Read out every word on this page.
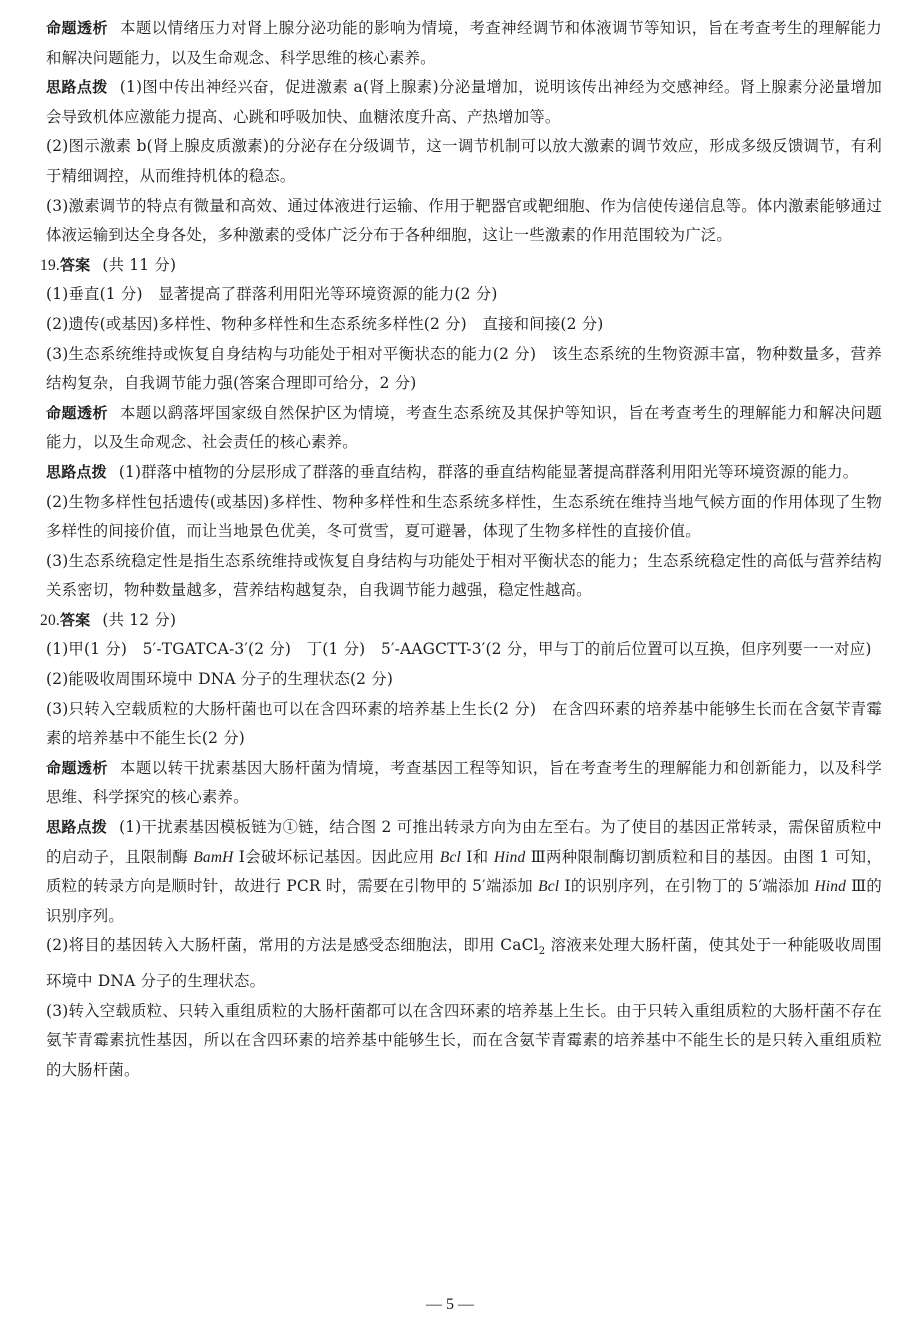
命题透析 本题以情绪压力对肾上腺分泌功能的影响为情境，考查神经调节和体液调节等知识，旨在考查考生的理解能力和解决问题能力，以及生命观念、科学思维的核心素养。

思路点拨 (1)图中传出神经兴奋，促进激素 a(肾上腺素)分泌量增加，说明该传出神经为交感神经。肾上腺素分泌量增加会导致机体应激能力提高、心跳和呼吸加快、血糖浓度升高、产热增加等。

(2)图示激素 b(肾上腺皮质激素)的分泌存在分级调节，这一调节机制可以放大激素的调节效应，形成多级反馈调节，有利于精细调控，从而维持机体的稳态。

(3)激素调节的特点有微量和高效、通过体液进行运输、作用于靶器官或靶细胞、作为信使传递信息等。体内激素能够通过体液运输到达全身各处，多种激素的受体广泛分布于各种细胞，这让一些激素的作用范围较为广泛。

19.答案 (共 11 分)

(1)垂直(1 分)　显著提高了群落利用阳光等环境资源的能力(2 分)

(2)遗传(或基因)多样性、物种多样性和生态系统多样性(2 分)　直接和间接(2 分)

(3)生态系统维持或恢复自身结构与功能处于相对平衡状态的能力(2 分)　该生态系统的生物资源丰富，物种数量多，营养结构复杂，自我调节能力强(答案合理即可给分，2 分)

命题透析 本题以鹞落坪国家级自然保护区为情境，考查生态系统及其保护等知识，旨在考查考生的理解能力和解决问题能力，以及生命观念、社会责任的核心素养。

思路点拨 (1)群落中植物的分层形成了群落的垂直结构，群落的垂直结构能显著提高群落利用阳光等环境资源的能力。

(2)生物多样性包括遗传(或基因)多样性、物种多样性和生态系统多样性，生态系统在维持当地气候方面的作用体现了生物多样性的间接价值，而让当地景色优美，冬可赏雪，夏可避暑，体现了生物多样性的直接价值。

(3)生态系统稳定性是指生态系统维持或恢复自身结构与功能处于相对平衡状态的能力；生态系统稳定性的高低与营养结构关系密切，物种数量越多，营养结构越复杂，自我调节能力越强，稳定性越高。

20.答案 (共 12 分)

(1)甲(1 分)　5′-TGATCA-3′(2 分)　丁(1 分)　5′-AAGCTT-3′(2 分，甲与丁的前后位置可以互换，但序列要一一对应)

(2)能吸收周围环境中 DNA 分子的生理状态(2 分)

(3)只转入空载质粒的大肠杆菌也可以在含四环素的培养基上生长(2 分)　在含四环素的培养基中能够生长而在含氨苄青霉素的培养基中不能生长(2 分)

命题透析 本题以转干扰素基因大肠杆菌为情境，考查基因工程等知识，旨在考查考生的理解能力和创新能力，以及科学思维、科学探究的核心素养。

思路点拨 (1)干扰素基因模板链为①链，结合图 2 可推出转录方向为由左至右。为了使目的基因正常转录，需保留质粒中的启动子，且限制酶 BamH Ⅰ会破坏标记基因。因此应用 Bcl Ⅰ和 Hind Ⅲ两种限制酶切割质粒和目的基因。由图 1 可知，质粒的转录方向是顺时针，故进行 PCR 时，需要在引物甲的 5′端添加 Bcl Ⅰ的识别序列，在引物丁的 5′端添加 Hind Ⅲ的识别序列。

(2)将目的基因转入大肠杆菌，常用的方法是感受态细胞法，即用 CaCl$_2$ 溶液来处理大肠杆菌，使其处于一种能吸收周围环境中 DNA 分子的生理状态。

(3)转入空载质粒、只转入重组质粒的大肠杆菌都可以在含四环素的培养基上生长。由于只转入重组质粒的大肠杆菌不存在氨苄青霉素抗性基因，所以在含四环素的培养基中能够生长，而在含氨苄青霉素的培养基中不能生长的是只转入重组质粒的大肠杆菌。

— 5 —
